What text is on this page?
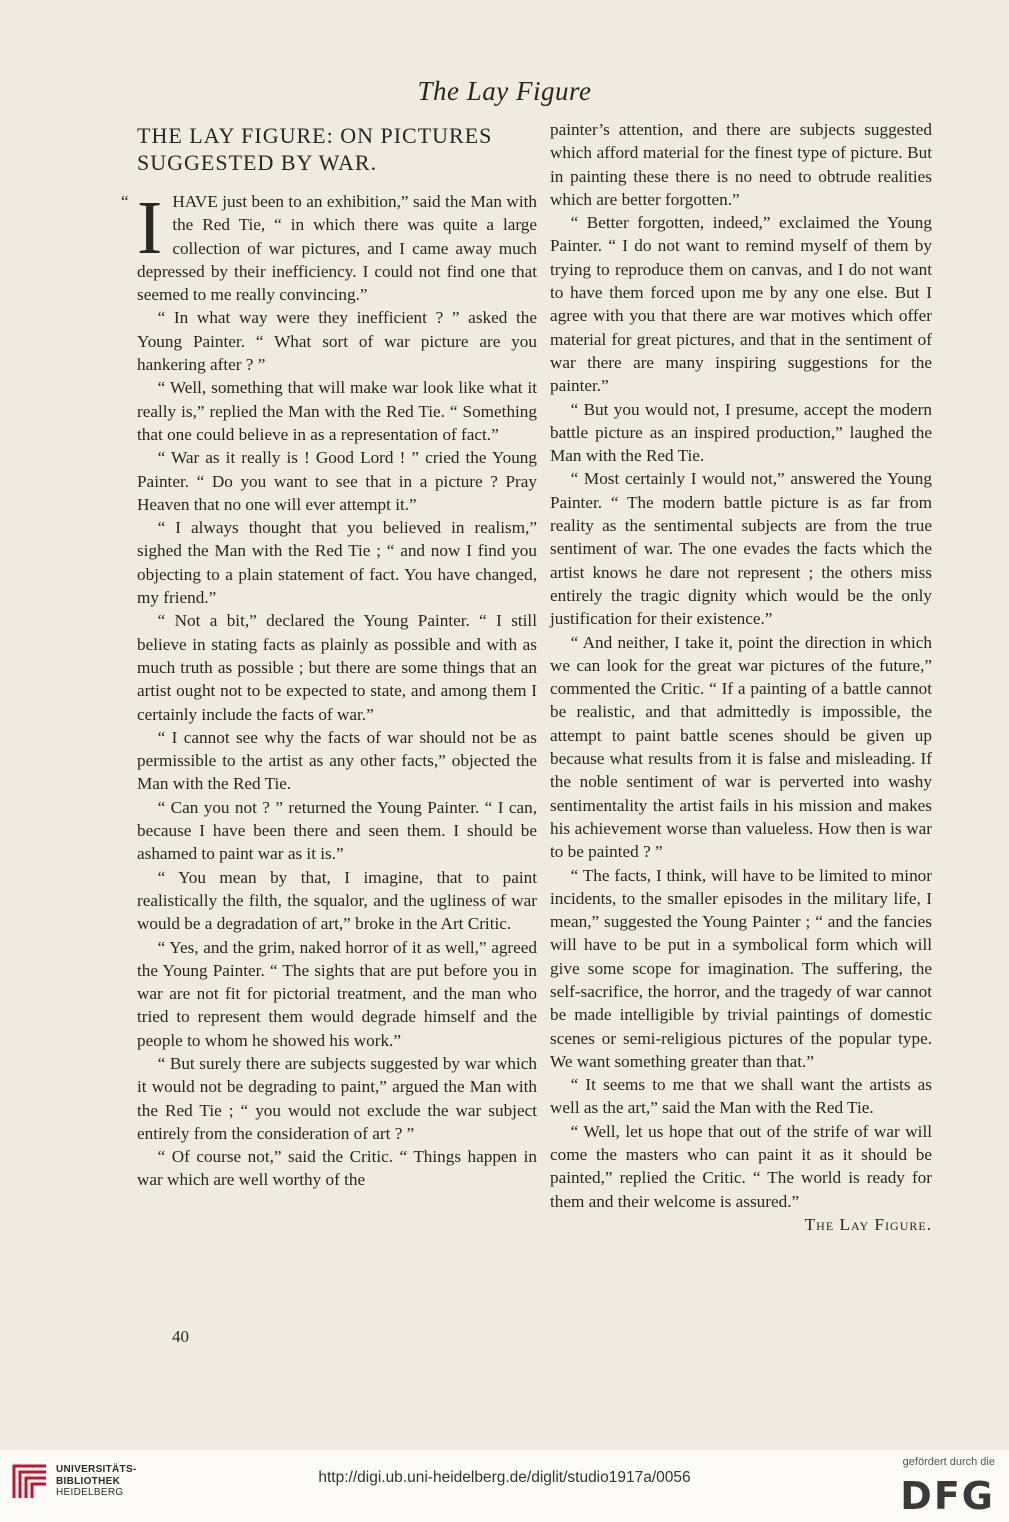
The Lay Figure
THE LAY FIGURE: ON PICTURES SUGGESTED BY WAR.

“ I HAVE just been to an exhibition,” said the Man with the Red Tie, “ in which there was quite a large collection of war pictures, and I came away much depressed by their inefficiency. I could not find one that seemed to me really convincing.”

“ In what way were they inefficient ? ” asked the Young Painter. “ What sort of war picture are you hankering after ? ”

“ Well, something that will make war look like what it really is,” replied the Man with the Red Tie. “ Something that one could believe in as a representation of fact.”

“ War as it really is ! Good Lord ! ” cried the Young Painter. “ Do you want to see that in a picture ? Pray Heaven that no one will ever attempt it.”

“ I always thought that you believed in realism,” sighed the Man with the Red Tie ; “ and now I find you objecting to a plain statement of fact. You have changed, my friend.”

“ Not a bit,” declared the Young Painter. “ I still believe in stating facts as plainly as possible and with as much truth as possible ; but there are some things that an artist ought not to be expected to state, and among them I certainly include the facts of war.”

“ I cannot see why the facts of war should not be as permissible to the artist as any other facts,” objected the Man with the Red Tie.

“ Can you not ? ” returned the Young Painter. “ I can, because I have been there and seen them. I should be ashamed to paint war as it is.”

“ You mean by that, I imagine, that to paint realistically the filth, the squalor, and the ugliness of war would be a degradation of art,” broke in the Art Critic.

“ Yes, and the grim, naked horror of it as well,” agreed the Young Painter. “ The sights that are put before you in war are not fit for pictorial treatment, and the man who tried to represent them would degrade himself and the people to whom he showed his work.”

“ But surely there are subjects suggested by war which it would not be degrading to paint,” argued the Man with the Red Tie ; “ you would not exclude the war subject entirely from the consideration of art ? ”

“ Of course not,” said the Critic. “ Things happen in war which are well worthy of the

painter’s attention, and there are subjects suggested which afford material for the finest type of picture. But in painting these there is no need to obtrude realities which are better forgotten.”

“ Better forgotten, indeed,” exclaimed the Young Painter. “ I do not want to remind myself of them by trying to reproduce them on canvas, and I do not want to have them forced upon me by any one else. But I agree with you that there are war motives which offer material for great pictures, and that in the sentiment of war there are many inspiring suggestions for the painter.”

“ But you would not, I presume, accept the modern battle picture as an inspired production,” laughed the Man with the Red Tie.

“ Most certainly I would not,” answered the Young Painter. “ The modern battle picture is as far from reality as the sentimental subjects are from the true sentiment of war. The one evades the facts which the artist knows he dare not represent ; the others miss entirely the tragic dignity which would be the only justification for their existence.”

“ And neither, I take it, point the direction in which we can look for the great war pictures of the future,” commented the Critic. “ If a painting of a battle cannot be realistic, and that admittedly is impossible, the attempt to paint battle scenes should be given up because what results from it is false and misleading. If the noble sentiment of war is perverted into washy sentimentality the artist fails in his mission and makes his achievement worse than valueless. How then is war to be painted ? ”

“ The facts, I think, will have to be limited to minor incidents, to the smaller episodes in the military life, I mean,” suggested the Young Painter ; “ and the fancies will have to be put in a symbolical form which will give some scope for imagination. The suffering, the self-sacrifice, the horror, and the tragedy of war cannot be made intelligible by trivial paintings of domestic scenes or semi-religious pictures of the popular type. We want something greater than that.”

“ It seems to me that we shall want the artists as well as the art,” said the Man with the Red Tie.

“ Well, let us hope that out of the strife of war will come the masters who can paint it as it should be painted,” replied the Critic. “ The world is ready for them and their welcome is assured.”

The Lay Figure.
40
UNIVERSITÄTS-
BIBLIOTHEK
HEIDELBERG
http://digi.ub.uni-heidelberg.de/diglit/studio1917a/0056
gefördert durch die
DFG
